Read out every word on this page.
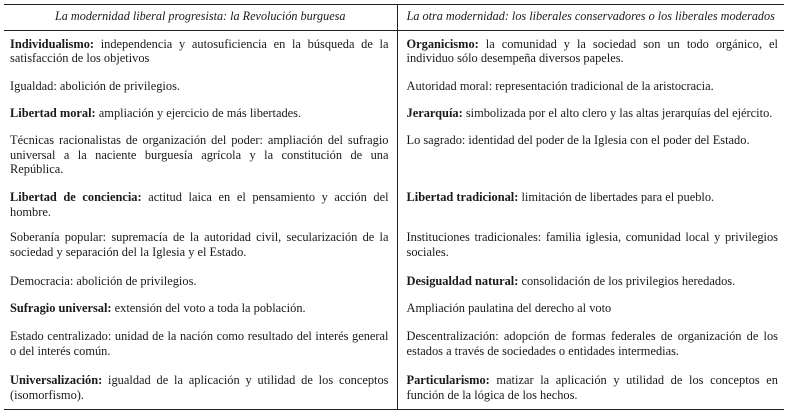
La modernidad liberal progresista: la Revolución burguesa	La otra modernidad: los liberales conservadores o los liberales moderados
Individualismo: independencia y autosuficiencia en la búsqueda de la satisfacción de los objetivos	Organicismo: la comunidad y la sociedad son un todo orgánico, el individuo sólo desempeña diversos papeles.
Igualdad: abolición de privilegios.	Autoridad moral: representación tradicional de la aristocracia.
Libertad moral: ampliación y ejercicio de más libertades.	Jerarquía: simbolizada por el alto clero y las altas jerarquías del ejército.
Técnicas racionalistas de organización del poder: ampliación del sufragio universal a la naciente burguesía agrícola y la constitución de una República.	Lo sagrado: identidad del poder de la Iglesia con el poder del Estado.
Libertad de conciencia: actitud laica en el pensamiento y acción del hombre.	Libertad tradicional: limitación de libertades para el pueblo.
Soberanía popular: supremacía de la autoridad civil, secularización de la sociedad y separación del la Iglesia y el Estado.	Instituciones tradicionales: familia iglesia, comunidad local y privilegios sociales.
Democracia: abolición de privilegios.	Desigualdad natural: consolidación de los privilegios heredados.
Sufragio universal: extensión del voto a toda la población.	Ampliación paulatina del derecho al voto
Estado centralizado: unidad de la nación como resultado del interés general o del interés común.	Descentralización: adopción de formas federales de organización de los estados a través de sociedades o entidades intermedias.
Universalización: igualdad de la aplicación y utilidad de los conceptos (isomorfismo).	Particularismo: matizar la aplicación y utilidad de los conceptos en función de la lógica de los hechos.
